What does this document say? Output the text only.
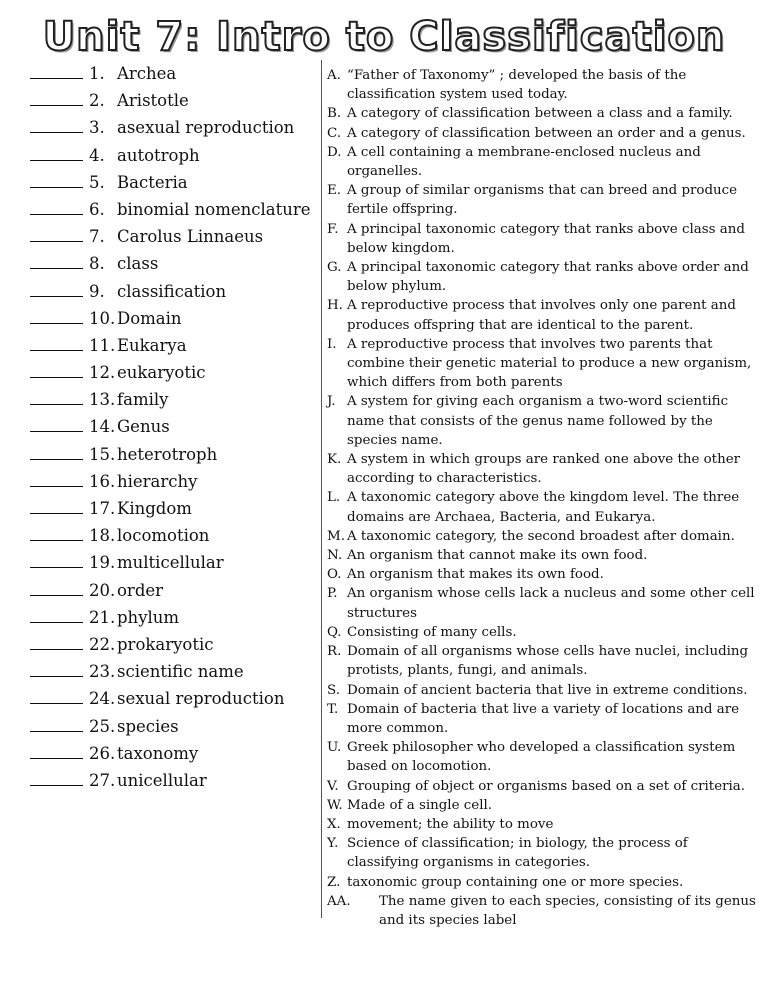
Unit 7: Intro to Classification
1. Archea
2. Aristotle
3. asexual reproduction
4. autotroph
5. Bacteria
6. binomial nomenclature
7. Carolus Linnaeus
8. class
9. classification
10. Domain
11. Eukarya
12. eukaryotic
13. family
14. Genus
15. heterotroph
16. hierarchy
17. Kingdom
18. locomotion
19. multicellular
20. order
21. phylum
22. prokaryotic
23. scientific name
24. sexual reproduction
25. species
26. taxonomy
27. unicellular
A. “Father of Taxonomy” ; developed the basis of the classification system used today.
B. A category of classification between a class and a family.
C. A category of classification between an order and a genus.
D. A cell containing a membrane-enclosed nucleus and organelles.
E. A group of similar organisms that can breed and produce fertile offspring.
F. A principal taxonomic category that ranks above class and below kingdom.
G. A principal taxonomic category that ranks above order and below phylum.
H. A reproductive process that involves only one parent and produces offspring that are identical to the parent.
I. A reproductive process that involves two parents that combine their genetic material to produce a new organism, which differs from both parents
J. A system for giving each organism a two-word scientific name that consists of the genus name followed by the species name.
K. A system in which groups are ranked one above the other according to characteristics.
L. A taxonomic category above the kingdom level. The three domains are Archaea, Bacteria, and Eukarya.
M. A taxonomic category, the second broadest after domain.
N. An organism that cannot make its own food.
O. An organism that makes its own food.
P. An organism whose cells lack a nucleus and some other cell structures
Q. Consisting of many cells.
R. Domain of all organisms whose cells have nuclei, including protists, plants, fungi, and animals.
S. Domain of ancient bacteria that live in extreme conditions.
T. Domain of bacteria that live a variety of locations and are more common.
U. Greek philosopher who developed a classification system based on locomotion.
V. Grouping of object or organisms based on a set of criteria.
W. Made of a single cell.
X. movement; the ability to move
Y. Science of classification; in biology, the process of classifying organisms in categories.
Z. taxonomic group containing one or more species.
AA.	The name given to each species, consisting of its genus and its species label
